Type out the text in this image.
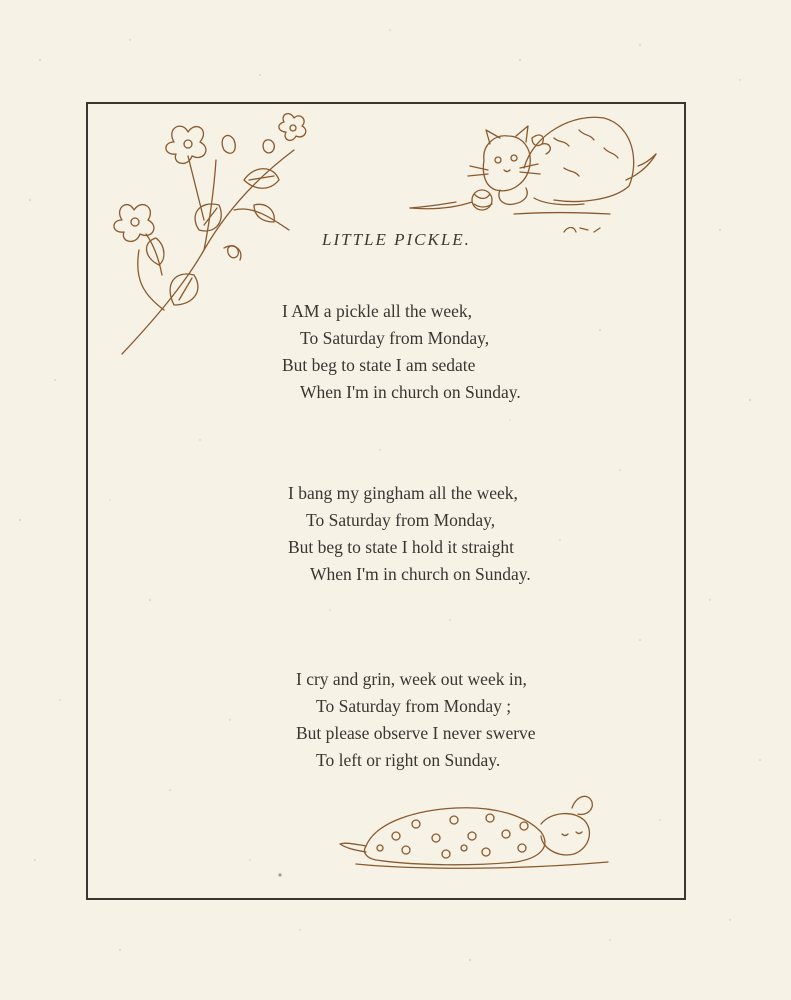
LITTLE PICKLE.
I AM a pickle all the week,
To Saturday from Monday,
But beg to state I am sedate
When I'm in church on Sunday.
I bang my gingham all the week,
To Saturday from Monday,
But beg to state I hold it straight
When I'm in church on Sunday.
I cry and grin, week out week in,
To Saturday from Monday ;
But please observe I never swerve
To left or right on Sunday.
